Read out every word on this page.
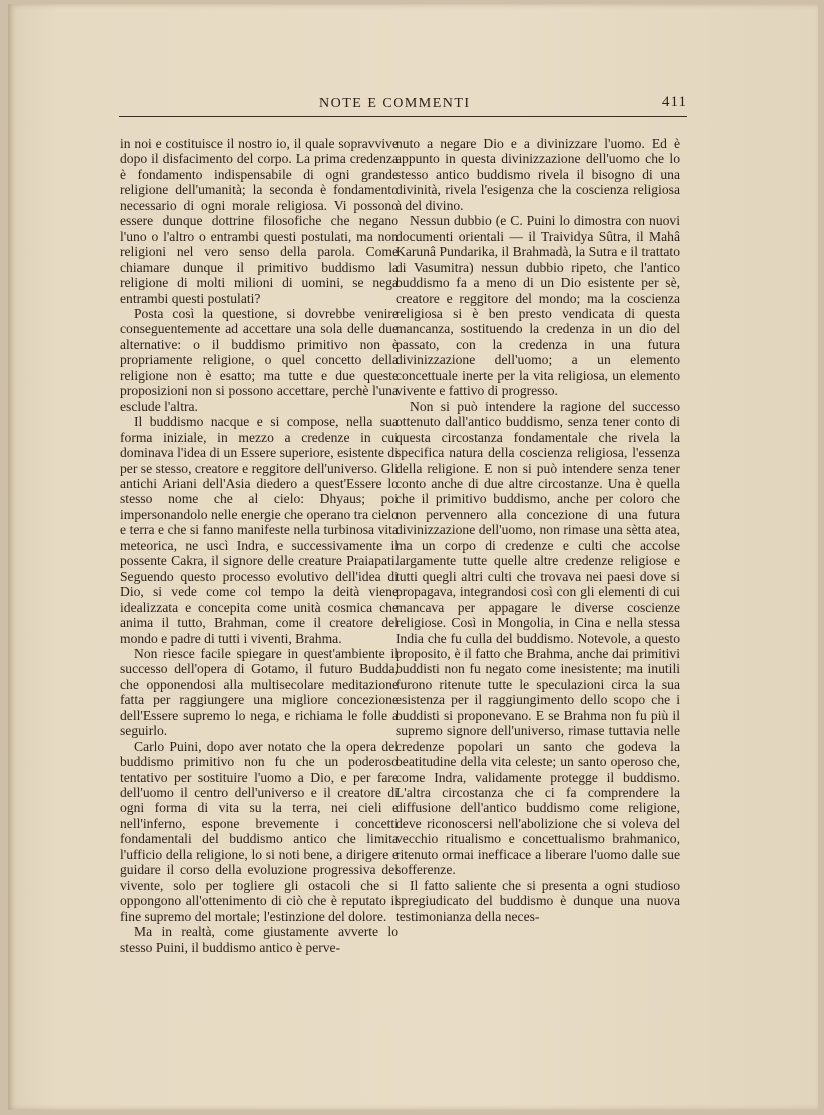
NOTE E COMMENTI	411

in noi e costituisce il nostro io, il quale sopravvive dopo il disfacimento del corpo. La prima credenza è fondamento indispensabile di ogni grande religione dell'umanità; la seconda è fondamento necessario di ogni morale religiosa. Vi possono essere dunque dottrine filosofiche che negano l'uno o l'altro o entrambi questi postulati, ma non religioni nel vero senso della parola. Come chiamare dunque il primitivo buddismo la religione di molti milioni di uomini, se nega entrambi questi postulati?

Posta così la questione, si dovrebbe venire conseguentemente ad accettare una sola delle due alternative: o il buddismo primitivo non è propriamente religione, o quel concetto della religione non è esatto; ma tutte e due queste proposizioni non si possono accettare, perchè l'una esclude l'altra.

Il buddismo nacque e si compose, nella sua forma iniziale, in mezzo a credenze in cui dominava l'idea di un Essere superiore, esistente di per se stesso, creatore e reggitore dell'universo. Gli antichi Ariani dell'Asia diedero a quest'Essere lo stesso nome che al cielo: Dhyaus; poi impersonandolo nelle energie che operano tra cielo e terra e che si fanno manifeste nella turbinosa vita meteorica, ne uscì Indra, e successivamente il possente Cakra, il signore delle creature Praiapati. Seguendo questo processo evolutivo dell'idea di Dio, si vede come col tempo la deità viene idealizzata e concepita come unità cosmica che anima il tutto, Brahman, come il creatore del mondo e padre di tutti i viventi, Brahma.

Non riesce facile spiegare in quest'ambiente il successo dell'opera di Gotamo, il futuro Budda, che opponendosi alla multisecolare meditazione fatta per raggiungere una migliore concezione dell'Essere supremo lo nega, e richiama le folle a seguirlo.

Carlo Puini, dopo aver notato che la opera del buddismo primitivo non fu che un poderoso tentativo per sostituire l'uomo a Dio, e per fare dell'uomo il centro dell'universo e il creatore di ogni forma di vita su la terra, nei cieli e nell'inferno, espone brevemente i concetti fondamentali del buddismo antico che limita l'ufficio della religione, lo si noti bene, a dirigere e guidare il corso della evoluzione progressiva del vivente, solo per togliere gli ostacoli che si oppongono all'ottenimento di ciò che è reputato il fine supremo del mortale; l'estinzione del dolore.

Ma in realtà, come giustamente avverte lo stesso Puini, il buddismo antico è perve-

nuto a negare Dio e a divinizzare l'uomo. Ed è appunto in questa divinizzazione dell'uomo che lo stesso antico buddismo rivela il bisogno di una divinità, rivela l'esigenza che la coscienza religiosa à del divino.

Nessun dubbio (e C. Puini lo dimostra con nuovi documenti orientali — il Traividya Sûtra, il Mahâ Karunâ Pundarika, il Brahmadà, la Sutra e il trattato di Vasumitra) nessun dubbio ripeto, che l'antico buddismo fa a meno di un Dio esistente per sè, creatore e reggitore del mondo; ma la coscienza religiosa si è ben presto vendicata di questa mancanza, sostituendo la credenza in un dio del passato, con la credenza in una futura divinizzazione dell'uomo; a un elemento concettuale inerte per la vita religiosa, un elemento vivente e fattivo di progresso.

Non si può intendere la ragione del successo ottenuto dall'antico buddismo, senza tener conto di questa circostanza fondamentale che rivela la specifica natura della coscienza religiosa, l'essenza della religione. E non si può intendere senza tener conto anche di due altre circostanze. Una è quella che il primitivo buddismo, anche per coloro che non pervennero alla concezione di una futura divinizzazione dell'uomo, non rimase una sètta atea, ma un corpo di credenze e culti che accolse largamente tutte quelle altre credenze religiose e tutti quegli altri culti che trovava nei paesi dove si propagava, integrandosi così con gli elementi di cui mancava per appagare le diverse coscienze religiose. Così in Mongolia, in Cina e nella stessa India che fu culla del buddismo. Notevole, a questo proposito, è il fatto che Brahma, anche dai primitivi buddisti non fu negato come inesistente; ma inutili furono ritenute tutte le speculazioni circa la sua esistenza per il raggiungimento dello scopo che i buddisti si proponevano. E se Brahma non fu più il supremo signore dell'universo, rimase tuttavia nelle credenze popolari un santo che godeva la beatitudine della vita celeste; un santo operoso che, come Indra, validamente protegge il buddismo. L'altra circostanza che ci fa comprendere la diffusione dell'antico buddismo come religione, deve riconoscersi nell'abolizione che si voleva del vecchio ritualismo e concettualismo brahmanico, ritenuto ormai inefficace a liberare l'uomo dalle sue sofferenze.

Il fatto saliente che si presenta a ogni studioso spregiudicato del buddismo è dunque una nuova testimonianza della neces-
